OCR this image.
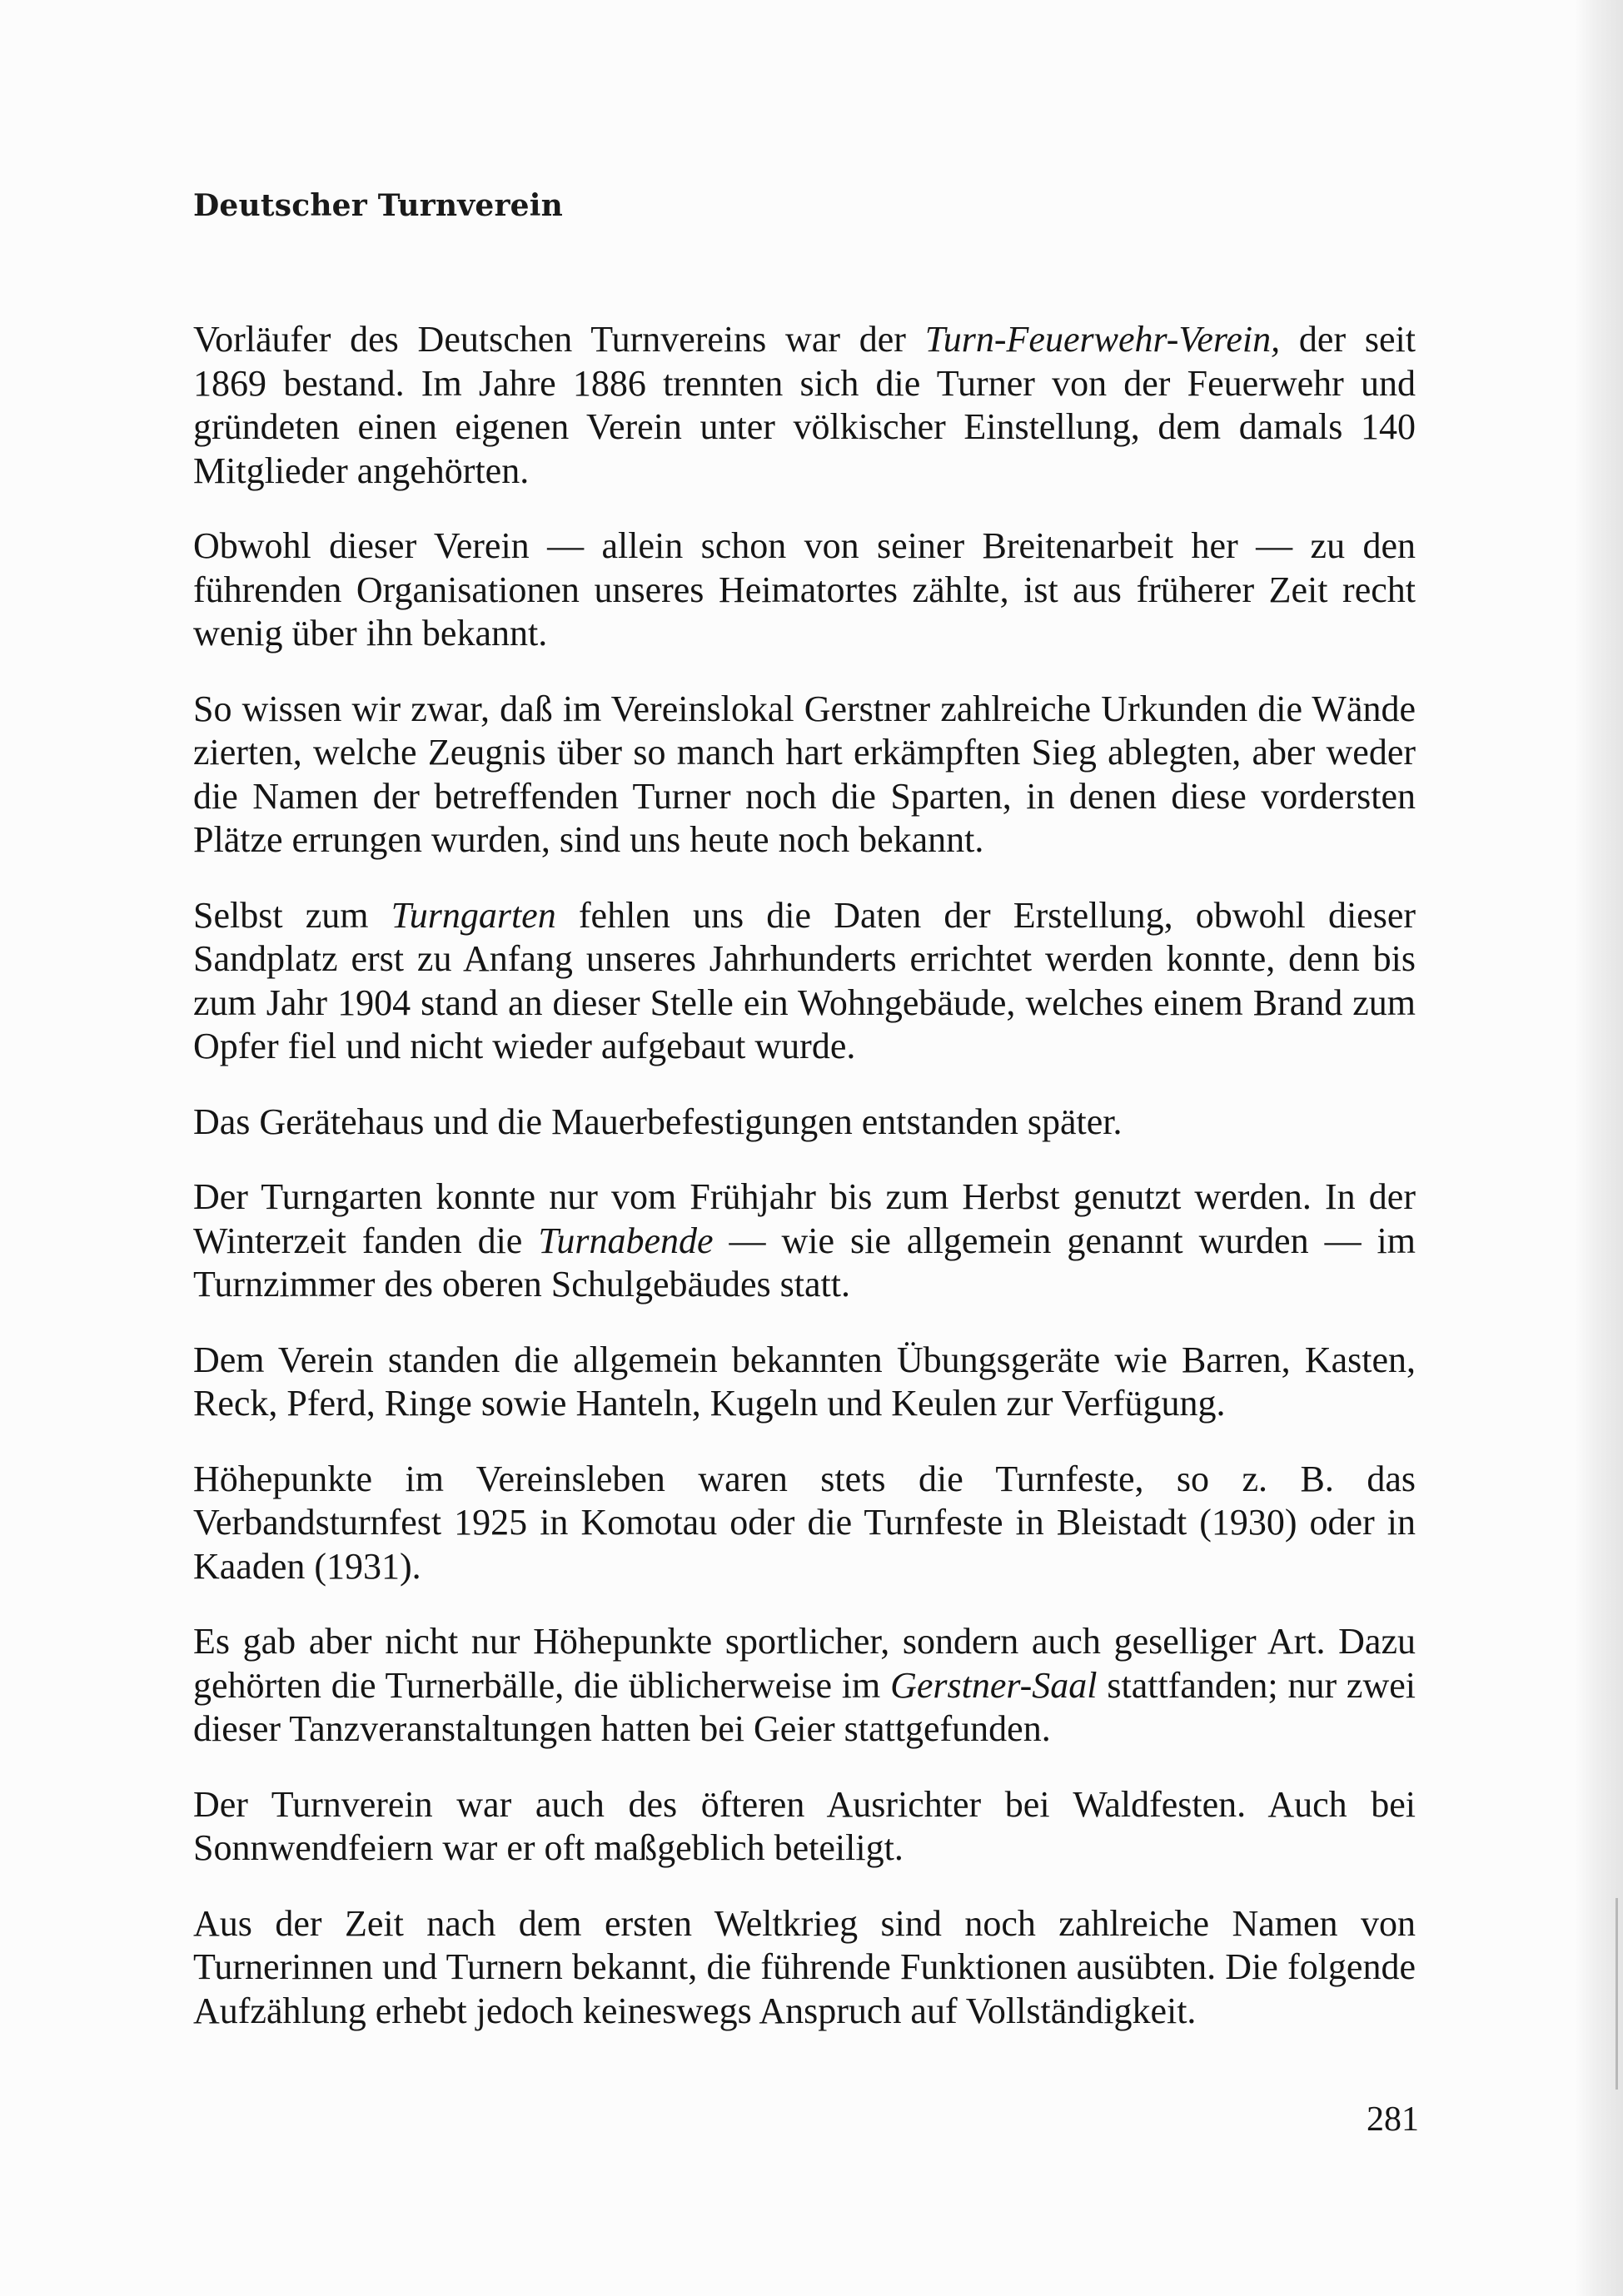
Deutscher Turnverein

Vorläufer des Deutschen Turnvereins war der Turn-Feuerwehr-Verein, der seit 1869 bestand. Im Jahre 1886 trennten sich die Turner von der Feuerwehr und gründeten einen eigenen Verein unter völkischer Einstellung, dem damals 140 Mitglieder angehörten.

Obwohl dieser Verein — allein schon von seiner Breitenarbeit her — zu den führenden Organisationen unseres Heimatortes zählte, ist aus früherer Zeit recht wenig über ihn bekannt.

So wissen wir zwar, daß im Vereinslokal Gerstner zahlreiche Urkunden die Wände zierten, welche Zeugnis über so manch hart erkämpften Sieg ablegten, aber weder die Namen der betreffenden Turner noch die Sparten, in denen diese vordersten Plätze errungen wurden, sind uns heute noch bekannt.

Selbst zum Turngarten fehlen uns die Daten der Erstellung, obwohl dieser Sandplatz erst zu Anfang unseres Jahrhunderts errichtet werden konnte, denn bis zum Jahr 1904 stand an dieser Stelle ein Wohngebäude, welches einem Brand zum Opfer fiel und nicht wieder aufgebaut wurde.

Das Gerätehaus und die Mauerbefestigungen entstanden später.

Der Turngarten konnte nur vom Frühjahr bis zum Herbst genutzt werden. In der Winterzeit fanden die Turnabende — wie sie allgemein genannt wurden — im Turnzimmer des oberen Schulgebäudes statt.

Dem Verein standen die allgemein bekannten Übungsgeräte wie Barren, Kasten, Reck, Pferd, Ringe sowie Hanteln, Kugeln und Keulen zur Verfügung.

Höhepunkte im Vereinsleben waren stets die Turnfeste, so z. B. das Verbandsturnfest 1925 in Komotau oder die Turnfeste in Bleistadt (1930) oder in Kaaden (1931).

Es gab aber nicht nur Höhepunkte sportlicher, sondern auch geselliger Art. Dazu gehörten die Turnerbälle, die üblicherweise im Gerstner-Saal stattfanden; nur zwei dieser Tanzveranstaltungen hatten bei Geier stattgefunden.

Der Turnverein war auch des öfteren Ausrichter bei Waldfesten. Auch bei Sonnwendfeiern war er oft maßgeblich beteiligt.

Aus der Zeit nach dem ersten Weltkrieg sind noch zahlreiche Namen von Turnerinnen und Turnern bekannt, die führende Funktionen ausübten. Die folgende Aufzählung erhebt jedoch keineswegs Anspruch auf Vollständigkeit.

281
